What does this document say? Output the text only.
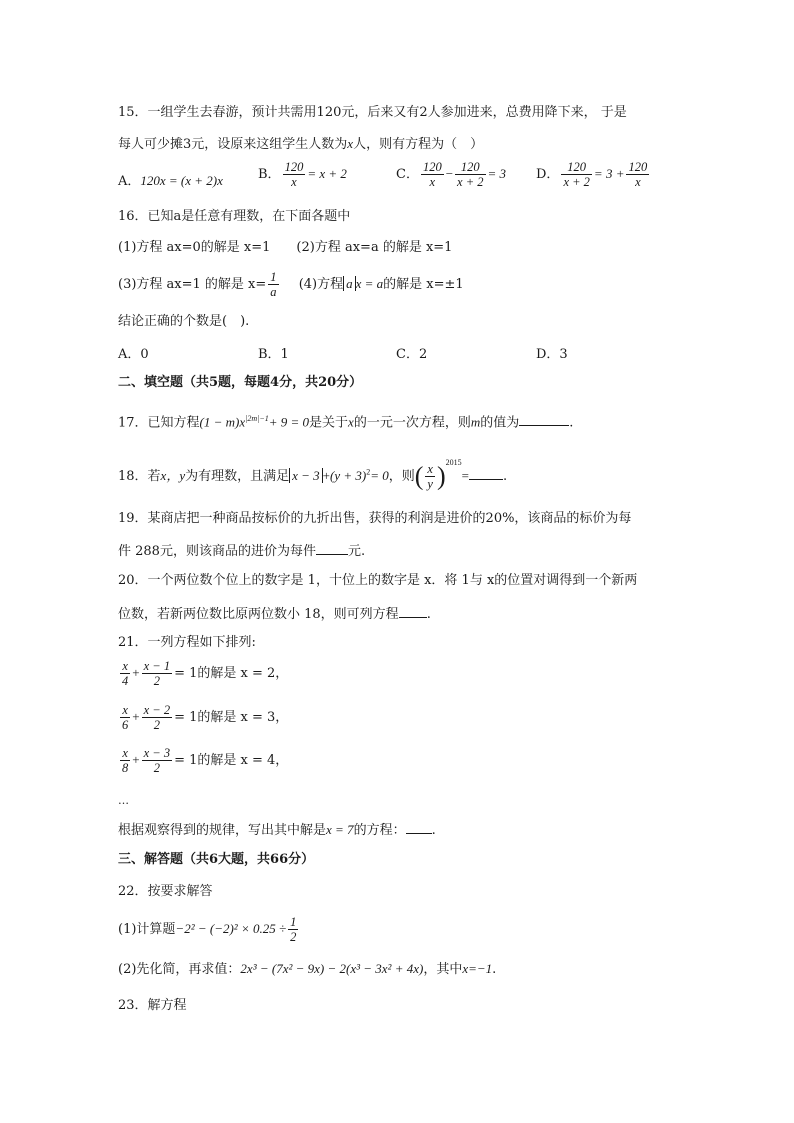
15．一组学生去春游，预计共需用120元，后来又有2人参加进来，总费用降下来， 于是
每人可少摊3元，设原来这组学生人数为x人，则有方程为（　）
A．120x = (x + 2)x	B． $\frac{120}{x} = x + 2$	C． $\frac{120}{x} - \frac{120}{x + 2} = 3$ D． $\frac{120}{x + 2} = 3 + \frac{120}{x}$
16．已知a是任意有理数，在下面各题中
(1)方程 ax=0的解是 x=1　　(2)方程 ax=a 的解是 x=1
(3)方程 ax=1 的解是 $x= \frac{1}{a} (4)$方程 a x = a的解是 x=±1
结论正确的个数是(　).
A．0	B．1	C．2	D．3
二、填空题（共5题，每题4分，共20分）
17．已知方程$(1 - m)x^{|2m|-1}+ 9 = 0$是关于x的一元一次方程，则m的值为	.
18．若x，y为有理数，且满足 $x - 3 +(y + 3)^2= 0$，则( $\frac{x}{y} )^{2015}=$	.
19．某商店把一种商品按标价的九折出售，获得的利润是进价的20%，该商品的标价为每
件 288元，则该商品的进价为每件 元.
20．一个两位数个位上的数字是 1，十位上的数字是 x．将 1与 x的位置对调得到一个新两
位数，若新两位数比原两位数小 18，则可列方程 .
21．一列方程如下排列:
$\frac{x}{4} + \frac{x - 1}{2} = 1$的解是 x = 2，
$\frac{x}{6} + \frac{x - 2}{2} = 1$的解是 x = 3，
$\frac{x}{8} + \frac{x - 3}{2} = 1$的解是 x = 4，
…
根据观察得到的规律，写出其中解是x = 7的方程： .
三、解答题（共6大题，共66分）
22．按要求解答
(1)计算题$-2^2 - (-2)^2 \times 0.25 \div \frac{1}{2}$
(2)先化简，再求值：2x³ − (7x² − 9x) − 2(x³ − 3x² + 4x)，其中x=−1.
23．解方程
